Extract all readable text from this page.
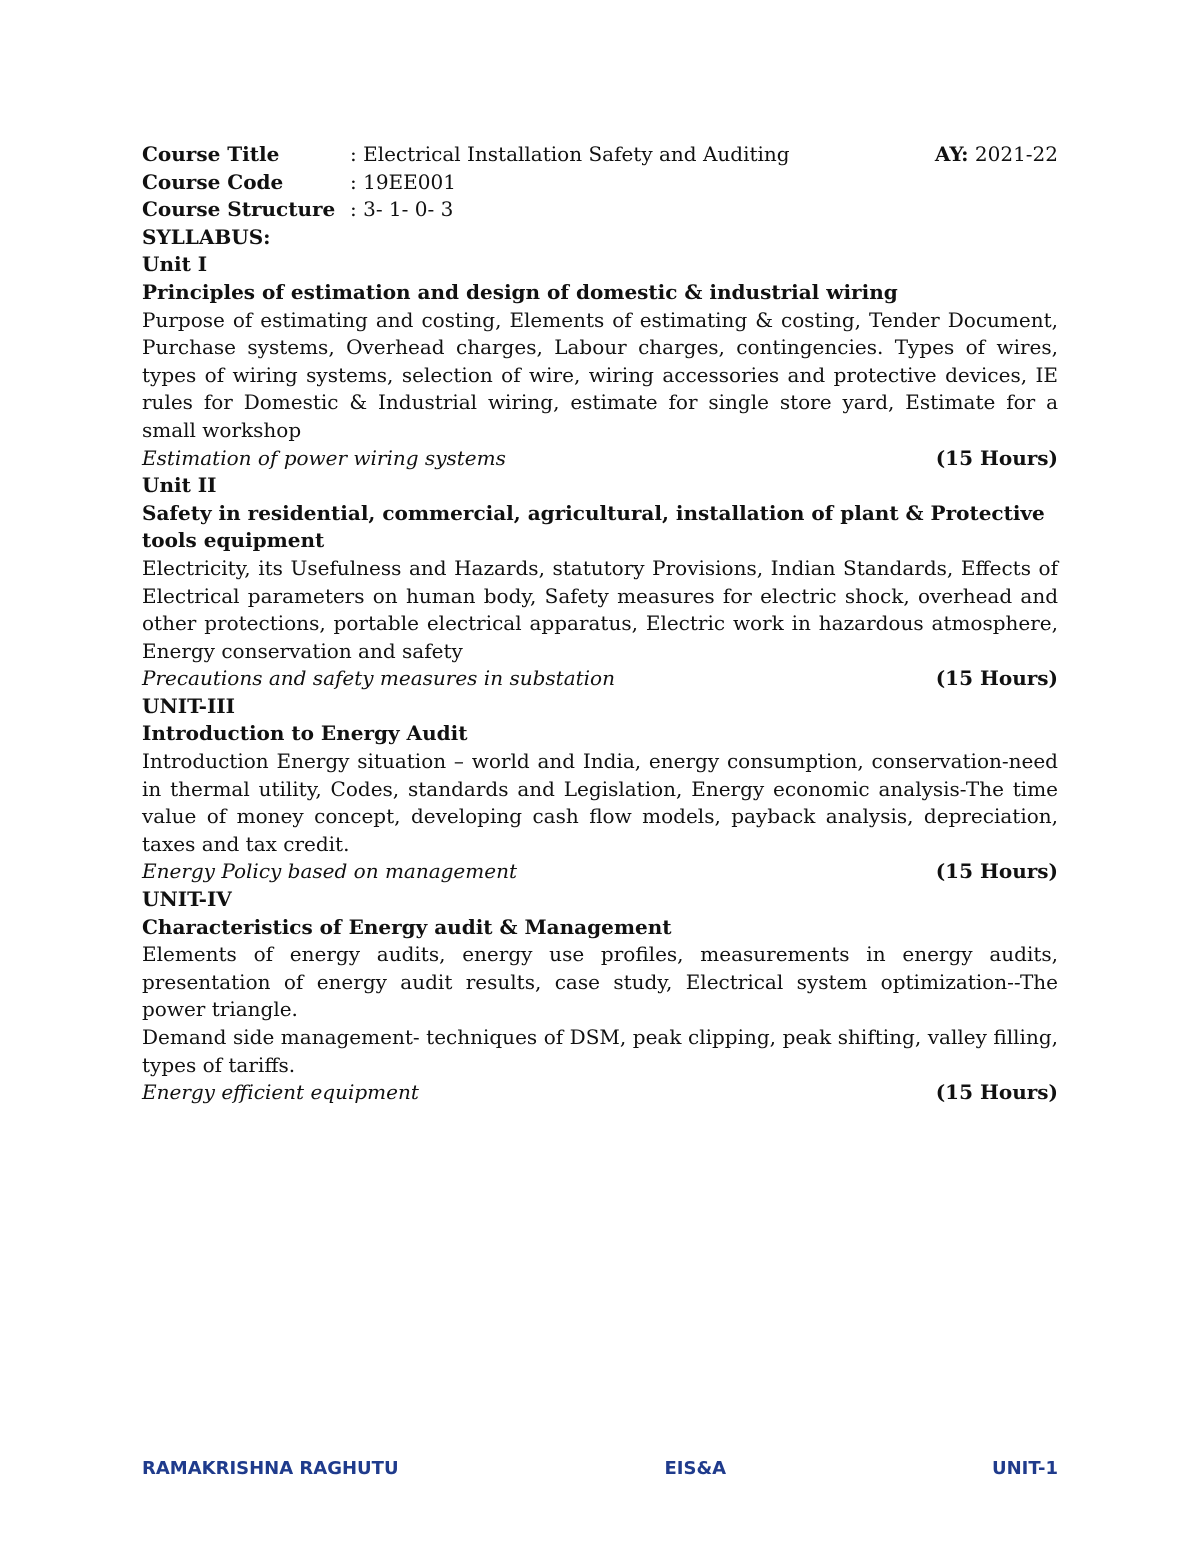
Course Title	: Electrical Installation Safety and Auditing	AY: 2021-22
Course Code	: 19EE001
Course Structure : 3- 1- 0- 3
SYLLABUS:
Unit I
Principles of estimation and design of domestic & industrial wiring
Purpose of estimating and costing, Elements of estimating & costing, Tender Document, Purchase systems, Overhead charges, Labour charges, contingencies. Types of wires, types of wiring systems, selection of wire, wiring accessories and protective devices, IE rules for Domestic & Industrial wiring, estimate for single store yard, Estimate for a small workshop
Estimation of power wiring systems	(15 Hours)
Unit II
Safety in residential, commercial, agricultural, installation of plant & Protective tools equipment
Electricity, its Usefulness and Hazards, statutory Provisions, Indian Standards, Effects of Electrical parameters on human body, Safety measures for electric shock, overhead and other protections, portable electrical apparatus, Electric work in hazardous atmosphere, Energy conservation and safety
Precautions and safety measures in substation	(15 Hours)
UNIT-III
Introduction to Energy Audit
Introduction Energy situation – world and India, energy consumption, conservation-need in thermal utility, Codes, standards and Legislation, Energy economic analysis-The time value of money concept, developing cash flow models, payback analysis, depreciation, taxes and tax credit.
Energy Policy based on management	(15 Hours)
UNIT-IV
Characteristics of Energy audit & Management
Elements of energy audits, energy use profiles, measurements in energy audits, presentation of energy audit results, case study, Electrical system optimization--The power triangle.
Demand side management- techniques of DSM, peak clipping, peak shifting, valley filling, types of tariffs.
Energy efficient equipment	(15 Hours)
RAMAKRISHNA RAGHUTU	EIS&A	UNIT-1
